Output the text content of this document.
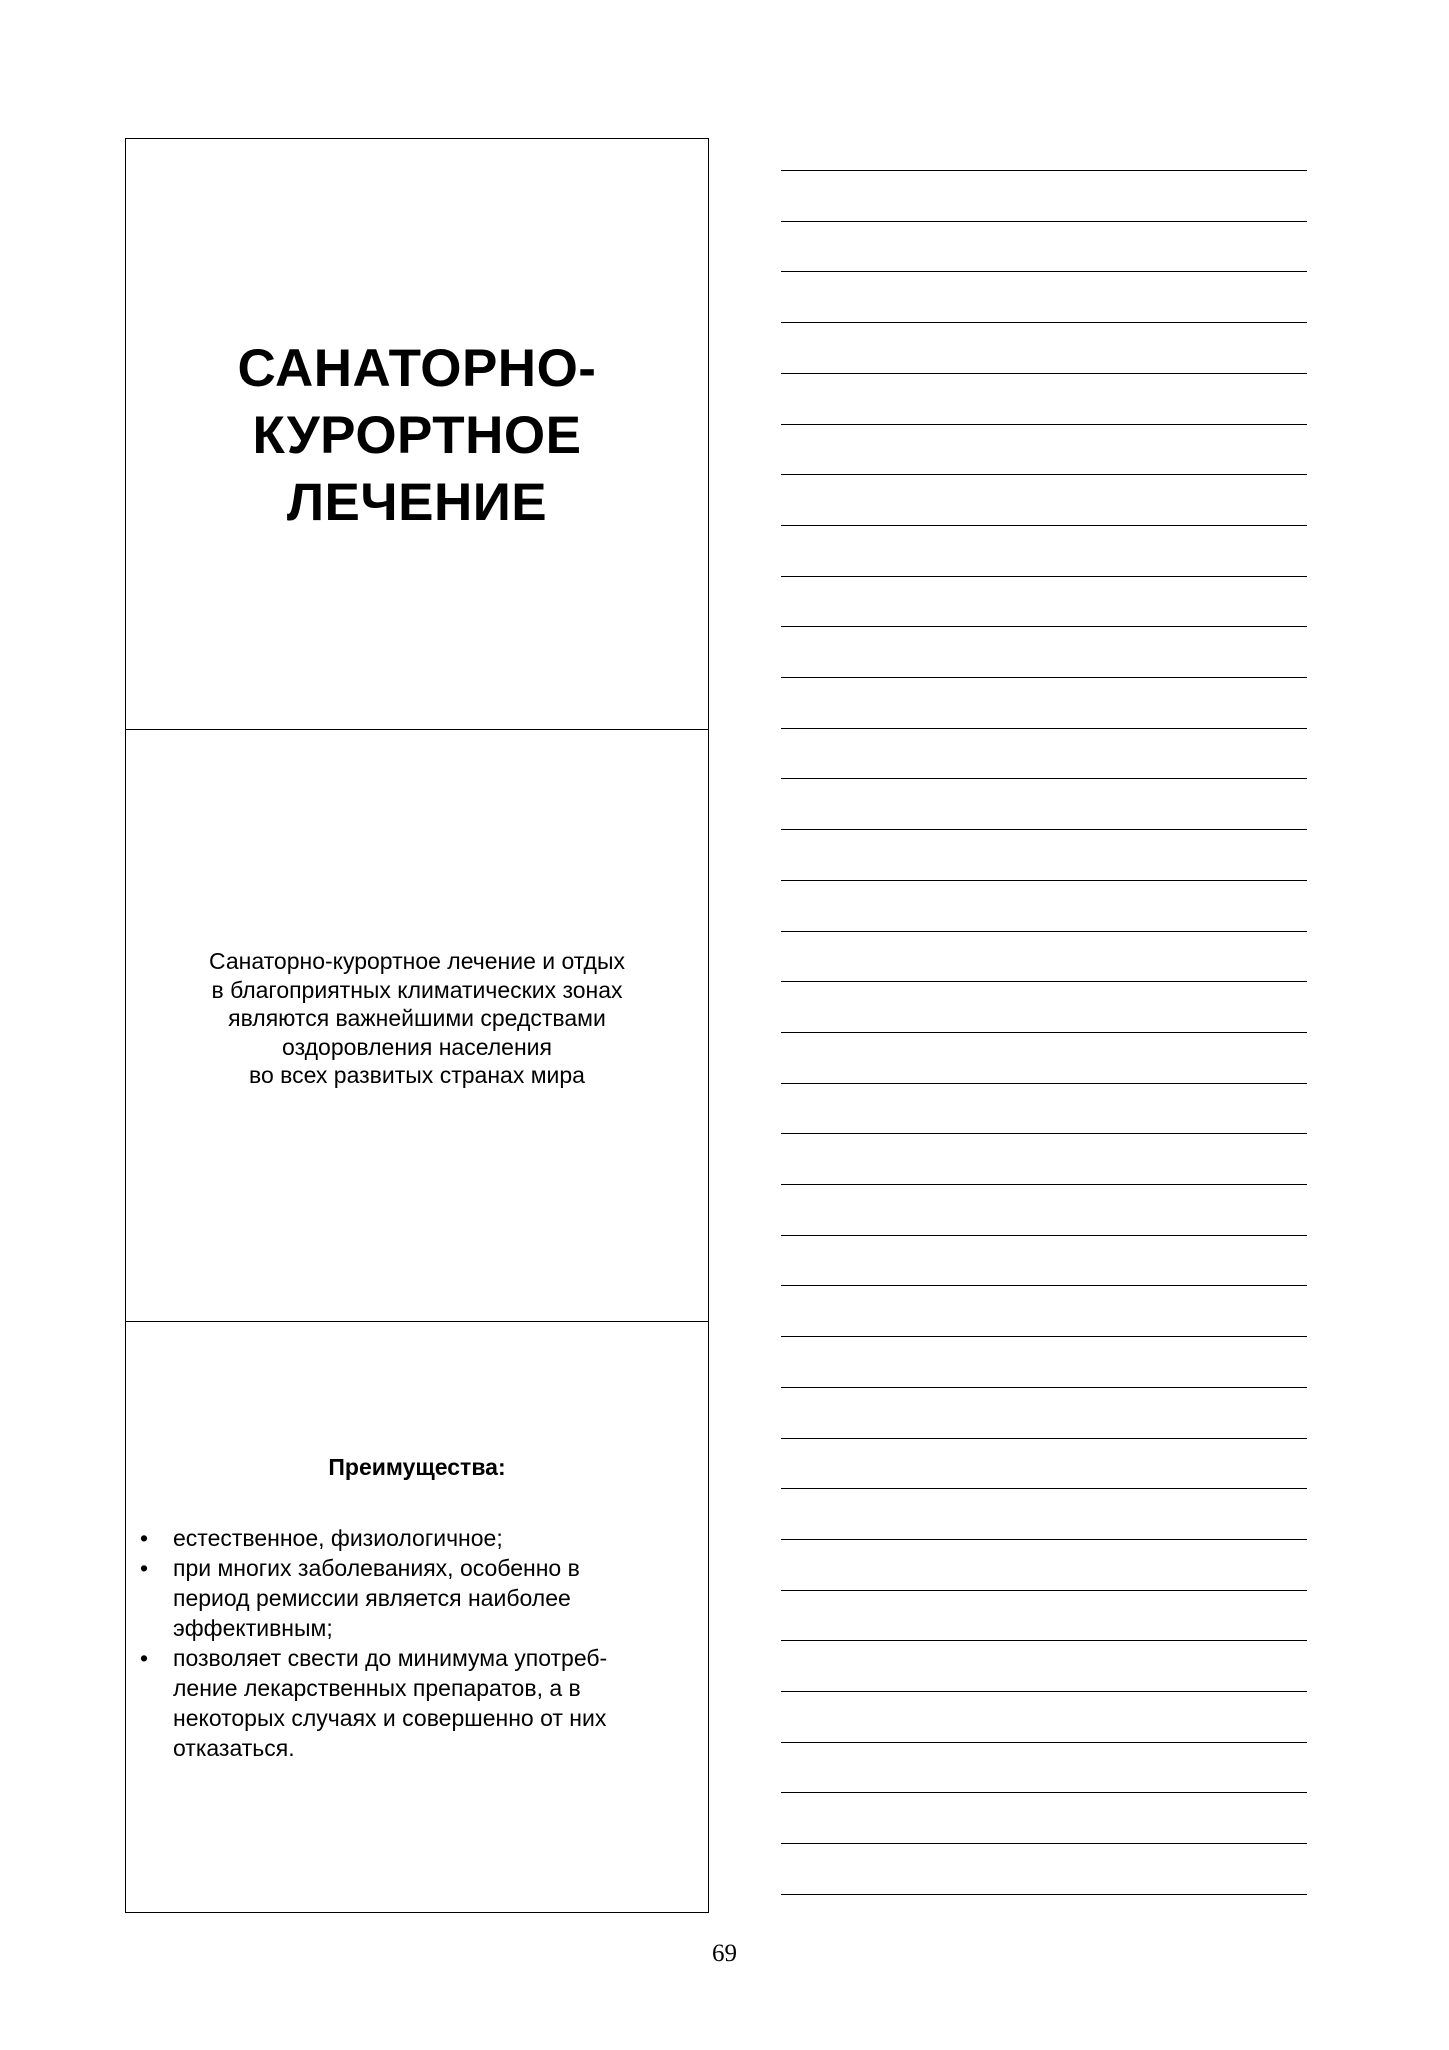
САНАТОРНО-
КУРОРТНОЕ
ЛЕЧЕНИЕ
Санаторно-курортное лечение и отдых
в благоприятных климатических зонах
являются важнейшими средствами
оздоровления населения
во всех развитых странах мира
Преимущества:
• естественное, физиологичное;
• при многих заболеваниях, особенно в
период ремиссии является наиболее
эффективным;
• позволяет свести до минимума употреб-
ление лекарственных препаратов, а в
некоторых случаях и совершенно от них
отказаться.
69
